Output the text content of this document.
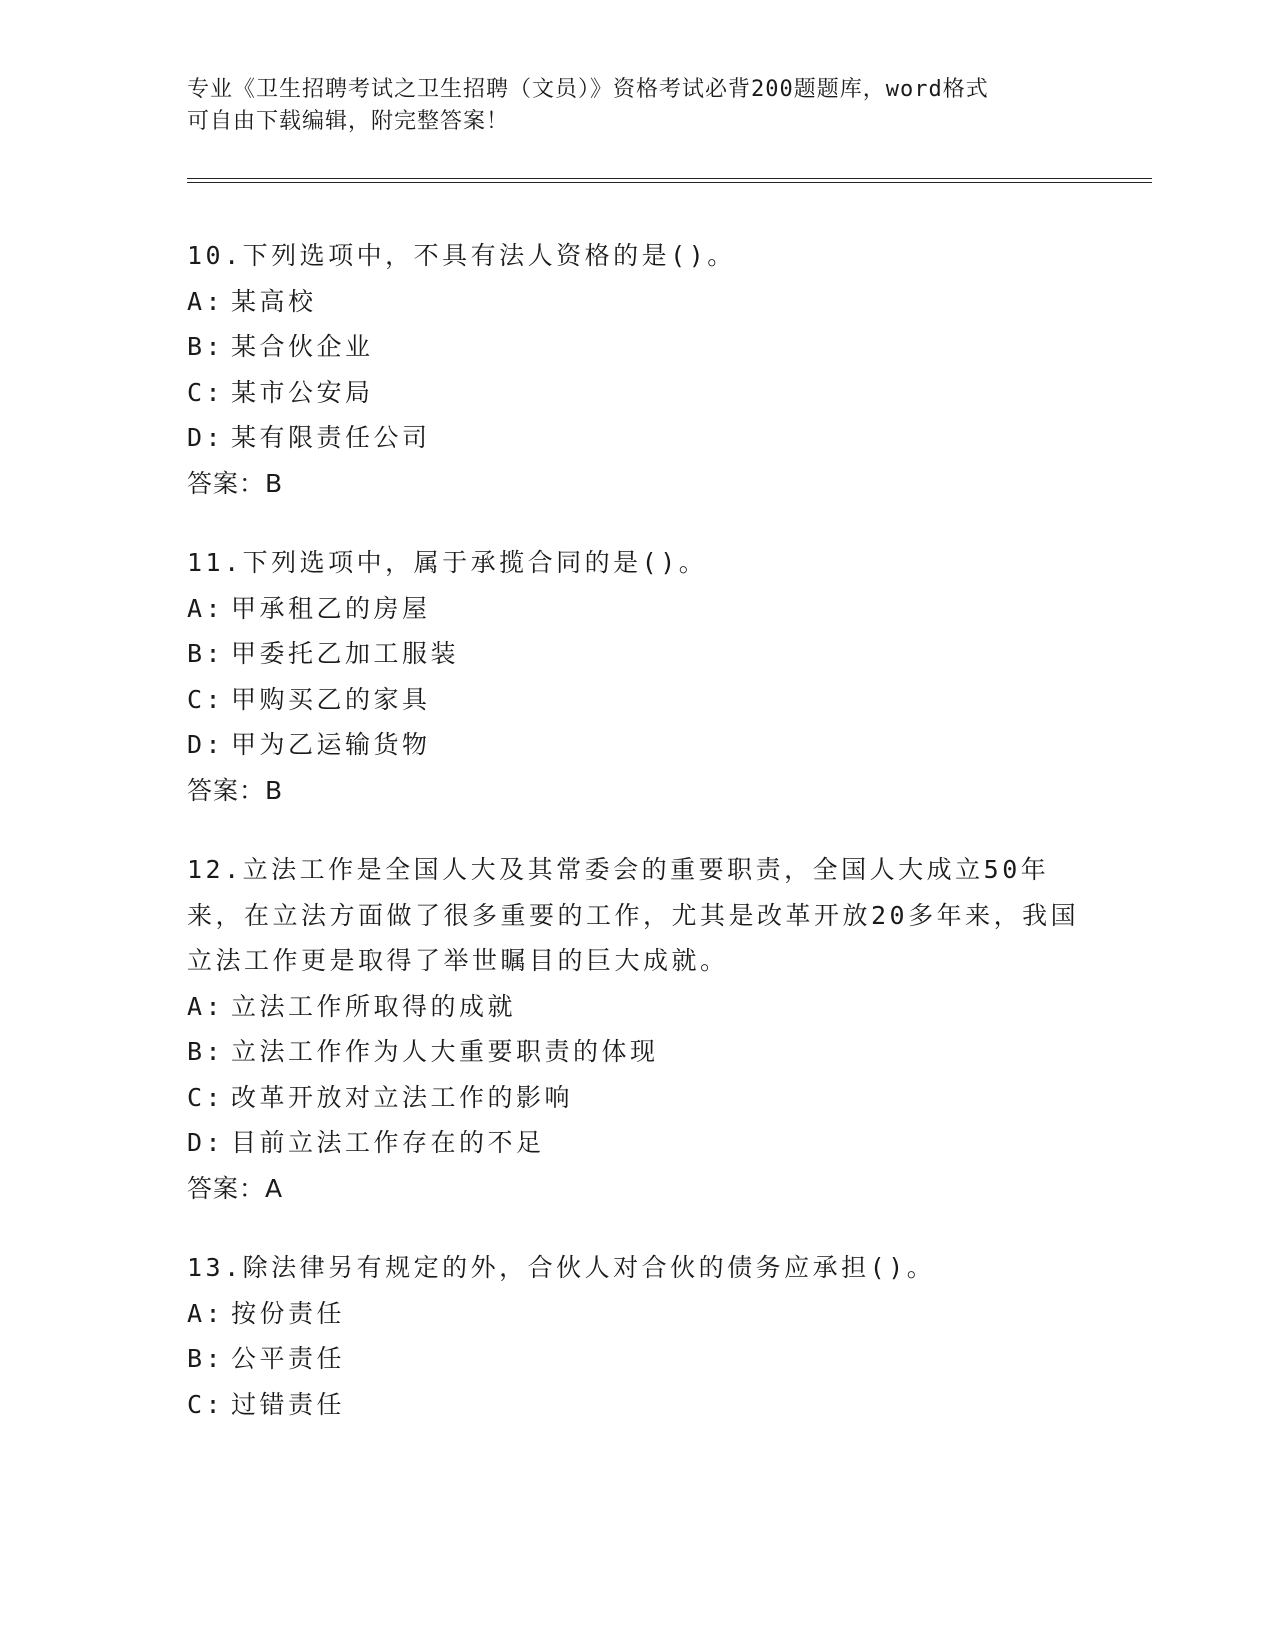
专业《卫生招聘考试之卫生招聘（文员）》资格考试必背200题题库，word格式
可自由下载编辑，附完整答案！

10.下列选项中，不具有法人资格的是()。

A: 某高校

B: 某合伙企业

C: 某市公安局

D: 某有限责任公司

答案：B

11.下列选项中，属于承揽合同的是()。

A: 甲承租乙的房屋

B: 甲委托乙加工服装

C: 甲购买乙的家具

D: 甲为乙运输货物

答案：B

12.立法工作是全国人大及其常委会的重要职责，全国人大成立50年来，在立法方面做了很多重要的工作，尤其是改革开放20多年来，我国立法工作更是取得了举世瞩目的巨大成就。

A: 立法工作所取得的成就

B: 立法工作作为人大重要职责的体现

C: 改革开放对立法工作的影响

D: 目前立法工作存在的不足

答案：A

13.除法律另有规定的外，合伙人对合伙的债务应承担()。

A: 按份责任

B: 公平责任

C: 过错责任
